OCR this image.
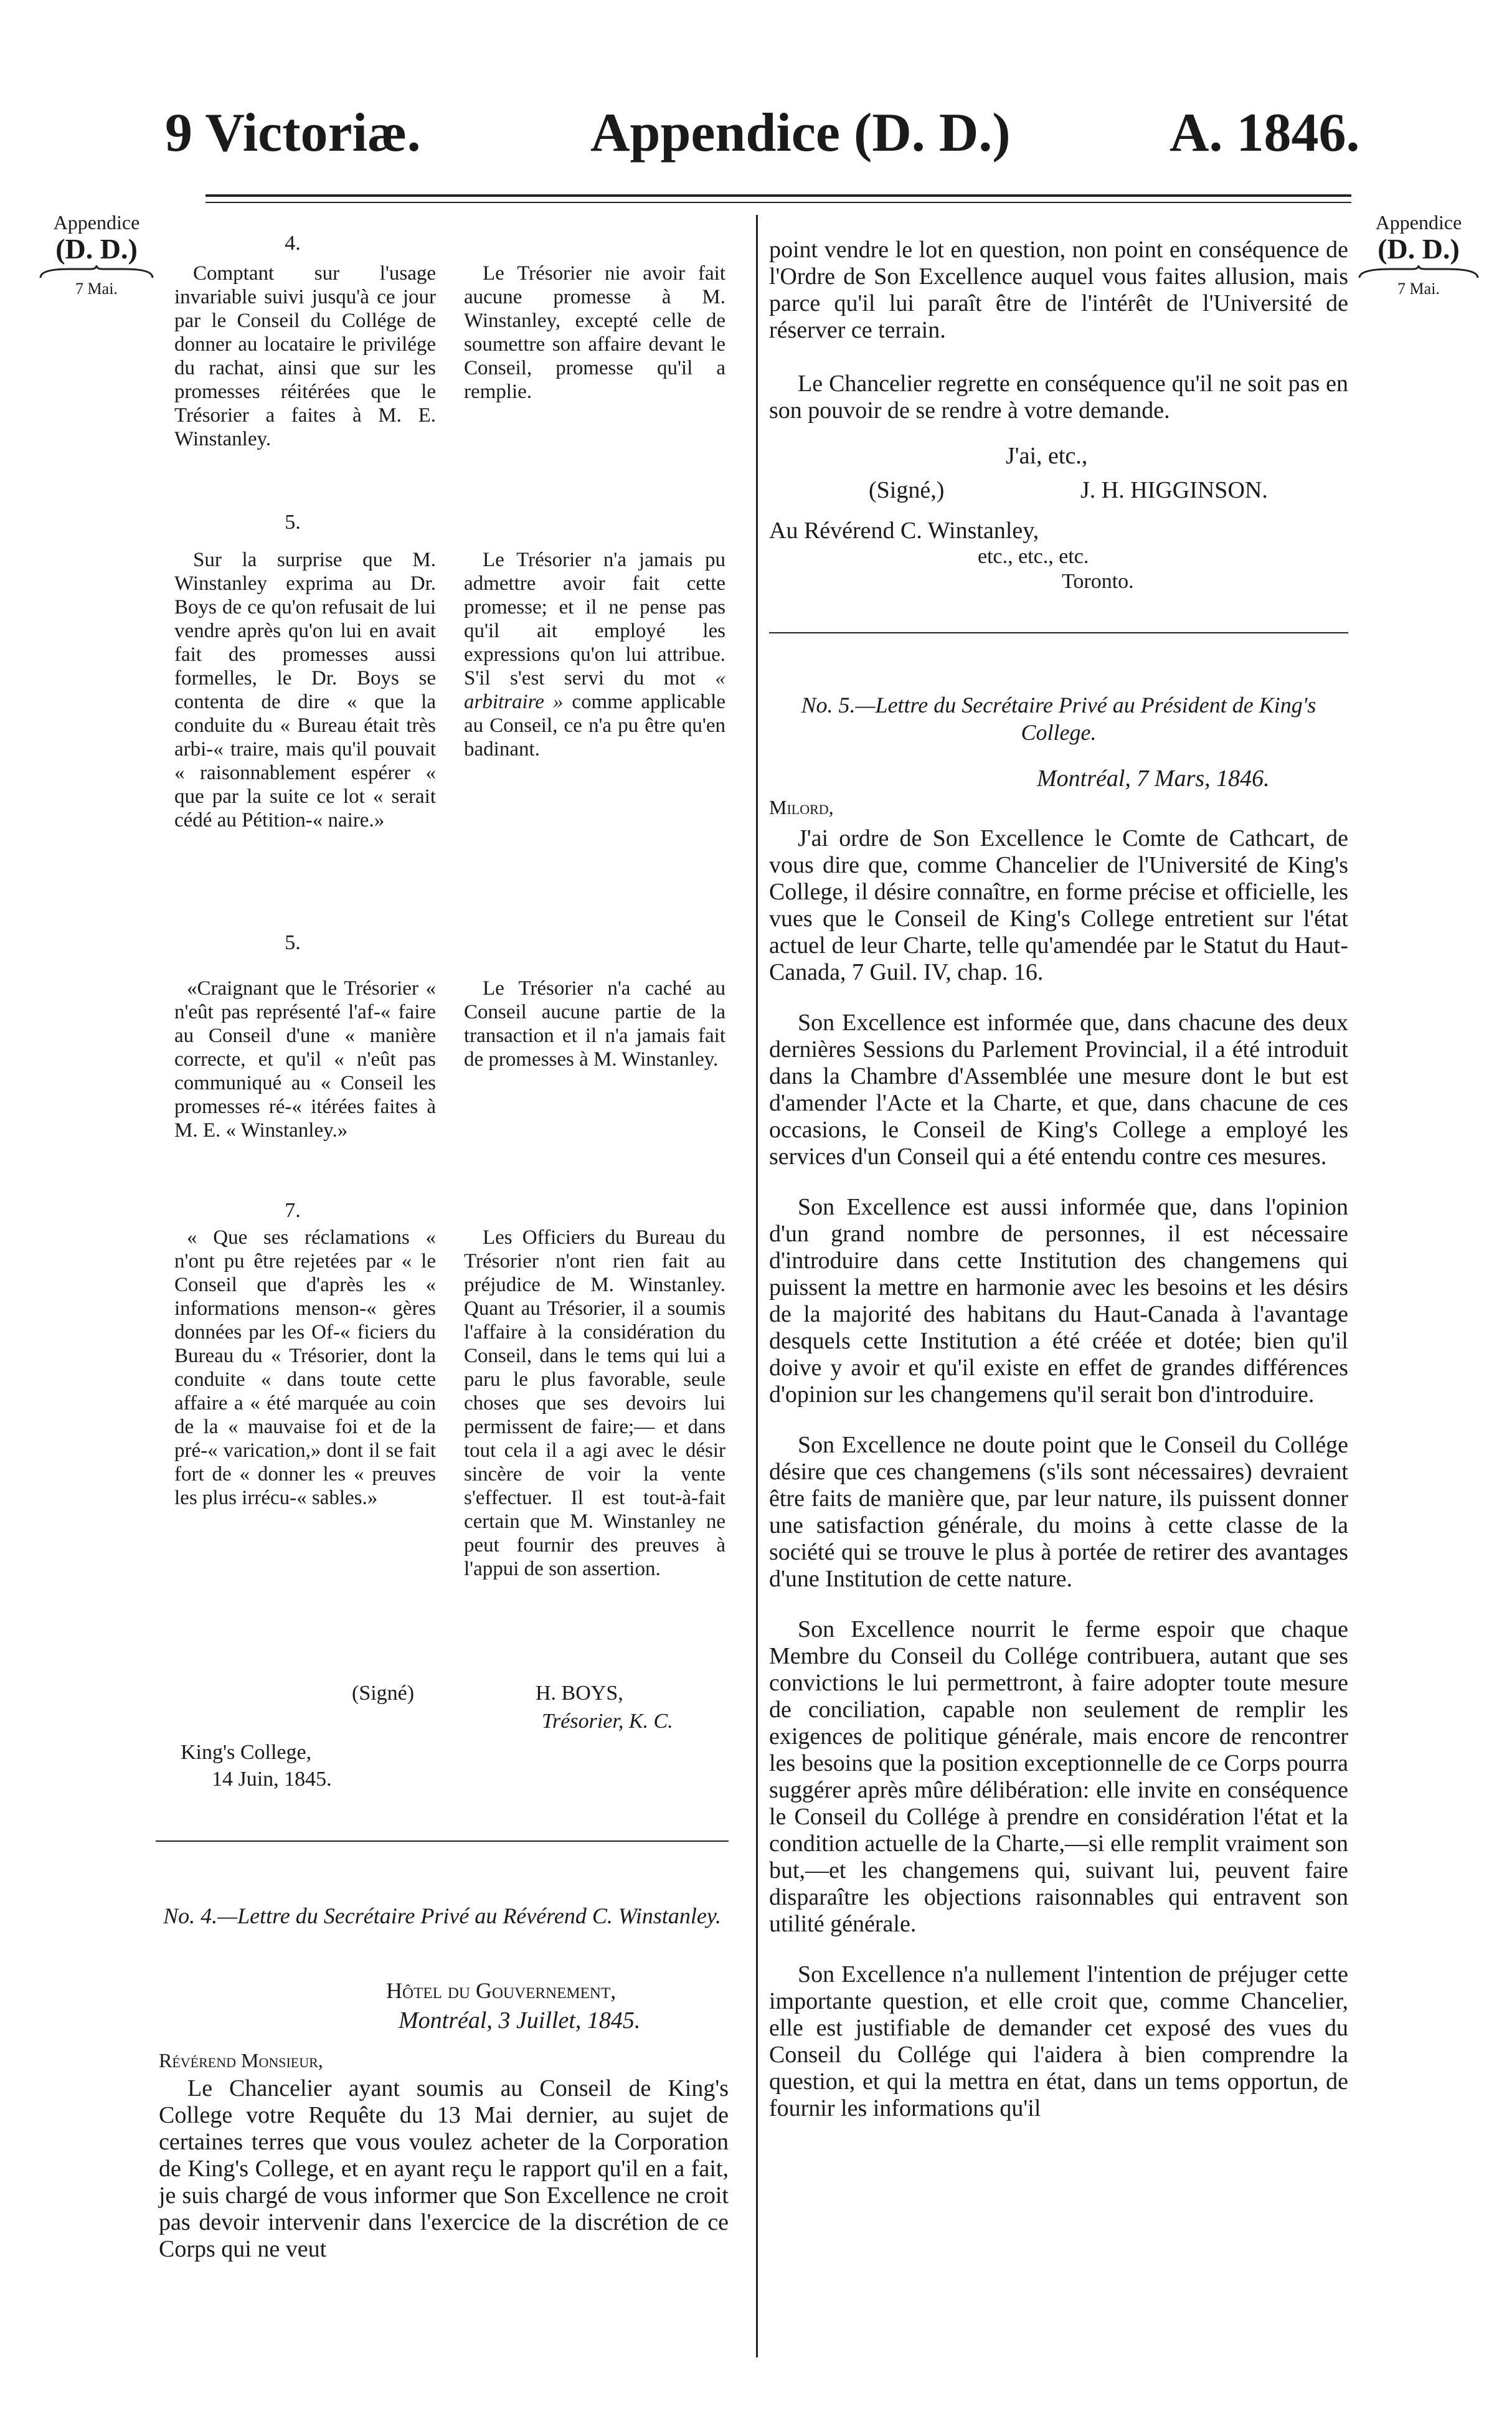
9 Victoriæ.	Appendice (D. D.)	A. 1846.
Appendice
(D. D.)
7 Mai.
Appendice
(D. D.)
7 Mai.
4.

Comptant sur l'usage invariable suivi jusqu'à ce jour par le Conseil du Collége de donner au locataire le privilége du rachat, ainsi que sur les promesses réitérées que le Trésorier a faites à M. E. Winstanley.

Le Trésorier nie avoir fait aucune promesse à M. Winstanley, excepté celle de soumettre son affaire devant le Conseil, promesse qu'il a remplie.

5.

Sur la surprise que M. Winstanley exprima au Dr. Boys de ce qu'on refusait de lui vendre après qu'on lui en avait fait des promesses aussi formelles, le Dr. Boys se contenta de dire « que la conduite du « Bureau était très arbi-« traire, mais qu'il pouvait « raisonnablement espérer « que par la suite ce lot « serait cédé au Pétition-« naire.»

Le Trésorier n'a jamais pu admettre avoir fait cette promesse; et il ne pense pas qu'il ait employé les expressions qu'on lui attribue. S'il s'est servi du mot « arbitraire » comme applicable au Conseil, ce n'a pu être qu'en badinant.

5.

«Craignant que le Trésorier « n'eût pas représenté l'af-« faire au Conseil d'une « manière correcte, et qu'il « n'eût pas communiqué au « Conseil les promesses ré-« itérées faites à M. E. « Winstanley.»

Le Trésorier n'a caché au Conseil aucune partie de la transaction et il n'a jamais fait de promesses à M. Winstanley.

7.

« Que ses réclamations « n'ont pu être rejetées par « le Conseil que d'après les « informations menson-« gères données par les Of-« ficiers du Bureau du « Trésorier, dont la conduite « dans toute cette affaire a « été marquée au coin de la « mauvaise foi et de la pré-« varication,» dont il se fait fort de « donner les « preuves les plus irrécu-« sables.»

Les Officiers du Bureau du Trésorier n'ont rien fait au préjudice de M. Winstanley. Quant au Trésorier, il a soumis l'affaire à la considération du Conseil, dans le tems qui lui a paru le plus favorable, seule choses que ses devoirs lui permissent de faire;— et dans tout cela il a agi avec le désir sincère de voir la vente s'effectuer. Il est tout-à-fait certain que M. Winstanley ne peut fournir des preuves à l'appui de son assertion.

(Signé)	H. BOYS,
Trésorier, K. C.
King's College,
14 Juin, 1845.
No. 4.—Lettre du Secrétaire Privé au Révérend C. Winstanley.
Hôtel du Gouvernement,
Montréal, 3 Juillet, 1845.
Révérend Monsieur,

Le Chancelier ayant soumis au Conseil de King's College votre Requête du 13 Mai dernier, au sujet de certaines terres que vous voulez acheter de la Corporation de King's College, et en ayant reçu le rapport qu'il en a fait, je suis chargé de vous informer que Son Excellence ne croit pas devoir intervenir dans l'exercice de la discrétion de ce Corps qui ne veut

point vendre le lot en question, non point en conséquence de l'Ordre de Son Excellence auquel vous faites allusion, mais parce qu'il lui paraît être de l'intérêt de l'Université de réserver ce terrain.

Le Chancelier regrette en conséquence qu'il ne soit pas en son pouvoir de se rendre à votre demande.

J'ai, etc.,
(Signé,)	J. H. HIGGINSON.
Au Révérend C. Winstanley,
etc., etc., etc.
Toronto.
No. 5.—Lettre du Secrétaire Privé au Président de King's College.
Montréal, 7 Mars, 1846.
Milord,

J'ai ordre de Son Excellence le Comte de Cathcart, de vous dire que, comme Chancelier de l'Université de King's College, il désire connaître, en forme précise et officielle, les vues que le Conseil de King's College entretient sur l'état actuel de leur Charte, telle qu'amendée par le Statut du Haut-Canada, 7 Guil. IV, chap. 16.

Son Excellence est informée que, dans chacune des deux dernières Sessions du Parlement Provincial, il a été introduit dans la Chambre d'Assemblée une mesure dont le but est d'amender l'Acte et la Charte, et que, dans chacune de ces occasions, le Conseil de King's College a employé les services d'un Conseil qui a été entendu contre ces mesures.

Son Excellence est aussi informée que, dans l'opinion d'un grand nombre de personnes, il est nécessaire d'introduire dans cette Institution des changemens qui puissent la mettre en harmonie avec les besoins et les désirs de la majorité des habitans du Haut-Canada à l'avantage desquels cette Institution a été créée et dotée; bien qu'il doive y avoir et qu'il existe en effet de grandes différences d'opinion sur les changemens qu'il serait bon d'introduire.

Son Excellence ne doute point que le Conseil du Collége désire que ces changemens (s'ils sont nécessaires) devraient être faits de manière que, par leur nature, ils puissent donner une satisfaction générale, du moins à cette classe de la société qui se trouve le plus à portée de retirer des avantages d'une Institution de cette nature.

Son Excellence nourrit le ferme espoir que chaque Membre du Conseil du Collége contribuera, autant que ses convictions le lui permettront, à faire adopter toute mesure de conciliation, capable non seulement de remplir les exigences de politique générale, mais encore de rencontrer les besoins que la position exceptionnelle de ce Corps pourra suggérer après mûre délibération: elle invite en conséquence le Conseil du Collége à prendre en considération l'état et la condition actuelle de la Charte,—si elle remplit vraiment son but,—et les changemens qui, suivant lui, peuvent faire disparaître les objections raisonnables qui entravent son utilité générale.

Son Excellence n'a nullement l'intention de préjuger cette importante question, et elle croit que, comme Chancelier, elle est justifiable de demander cet exposé des vues du Conseil du Collége qui l'aidera à bien comprendre la question, et qui la mettra en état, dans un tems opportun, de fournir les informations qu'il
